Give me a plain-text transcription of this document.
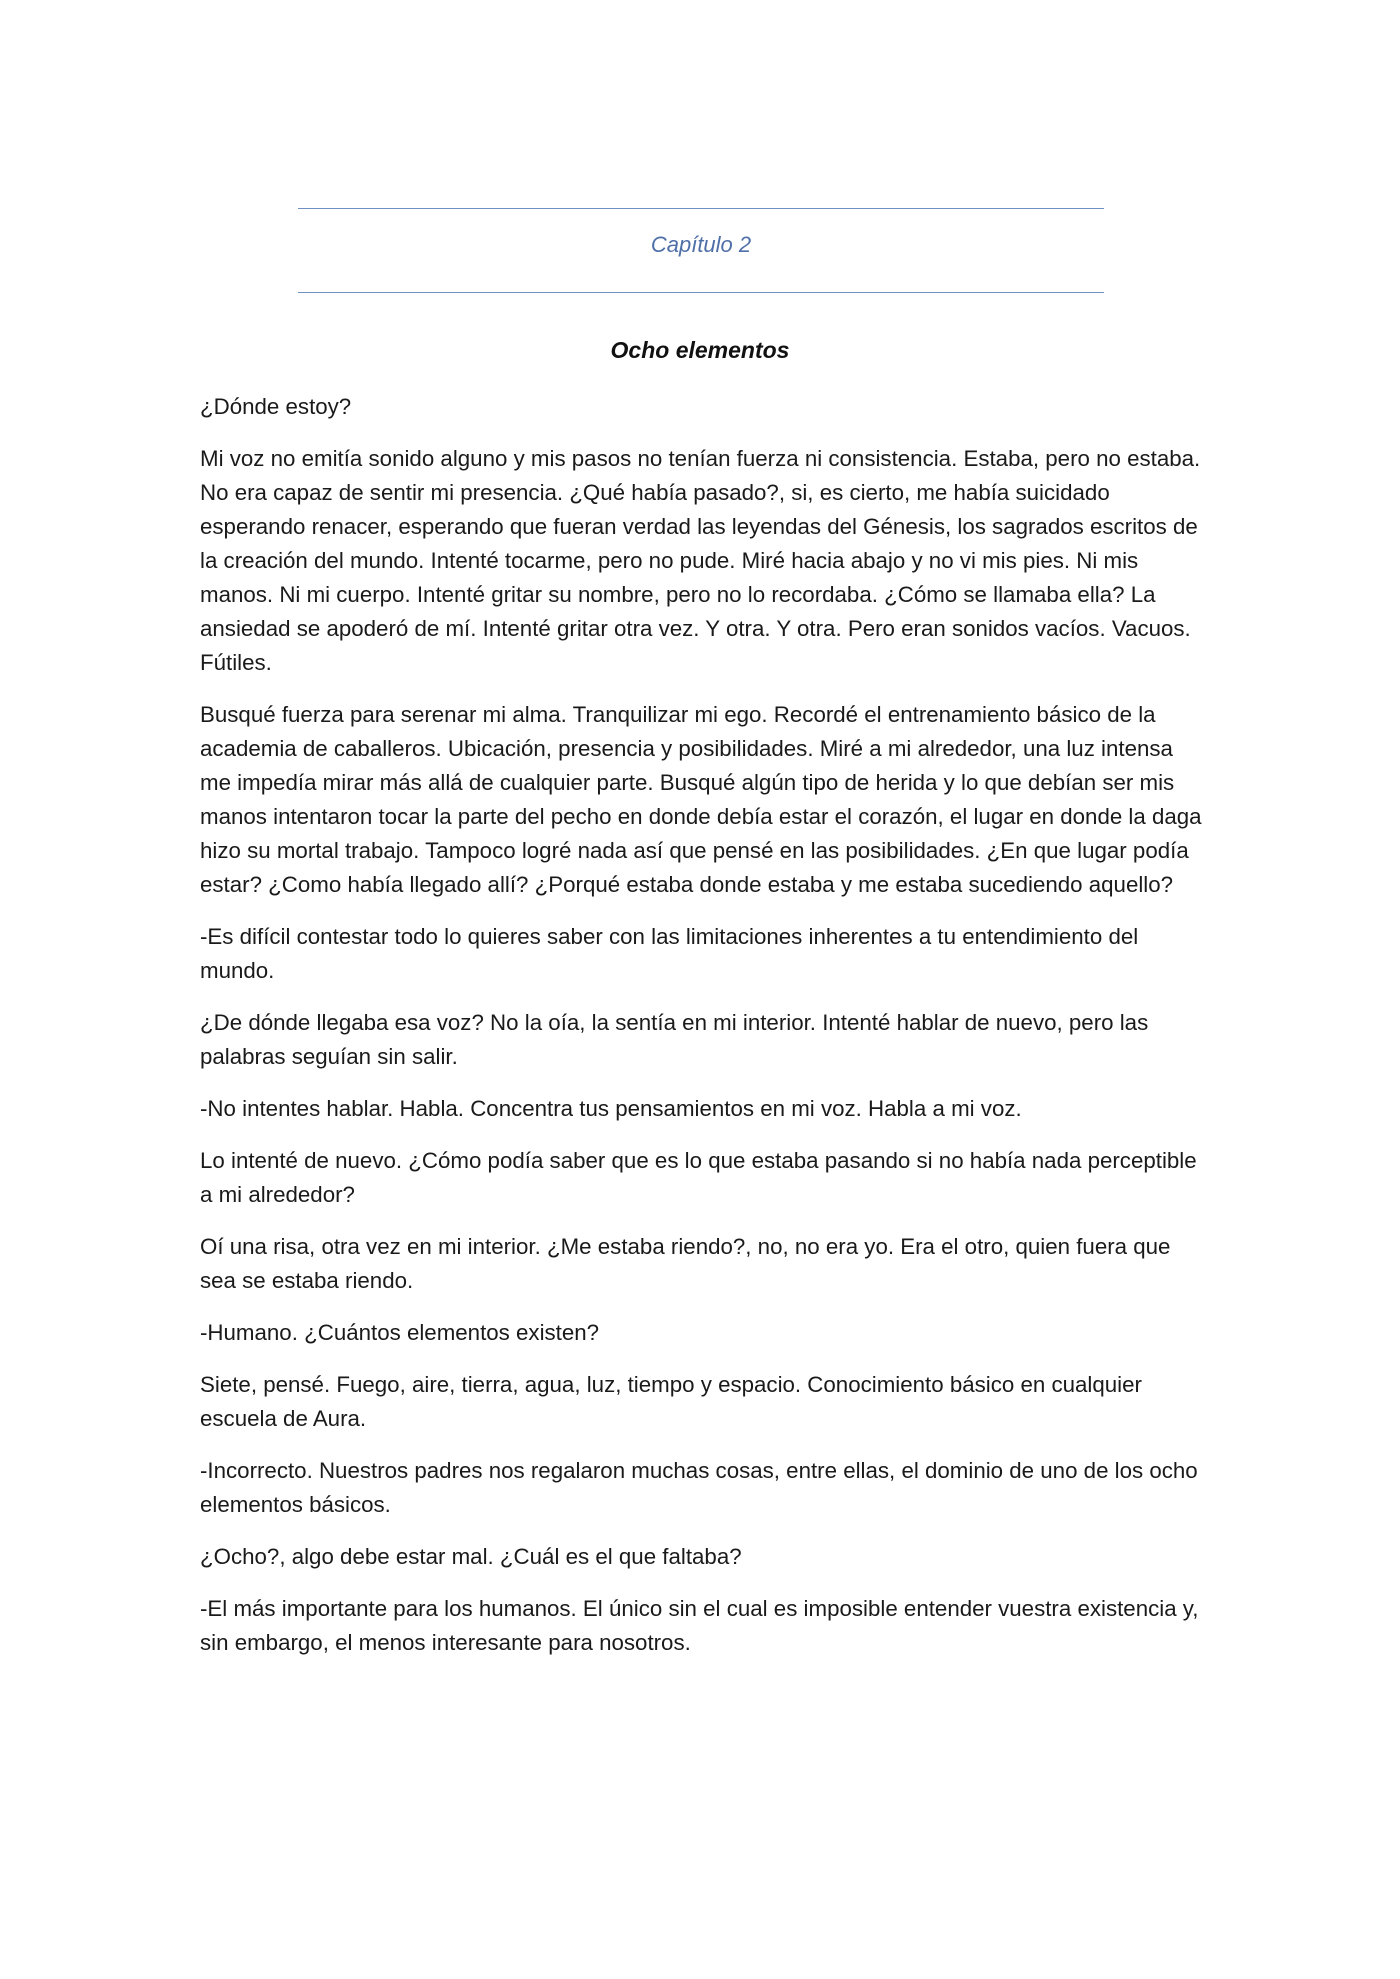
Capítulo 2
Ocho elementos

¿Dónde estoy?

Mi voz no emitía sonido alguno y mis pasos no tenían fuerza ni consistencia. Estaba, pero no estaba. No era capaz de sentir mi presencia. ¿Qué había pasado?, si, es cierto, me había suicidado esperando renacer, esperando que fueran verdad las leyendas del Génesis, los sagrados escritos de la creación del mundo. Intenté tocarme, pero no pude. Miré hacia abajo y no vi mis pies. Ni mis manos. Ni mi cuerpo. Intenté gritar su nombre, pero no lo recordaba. ¿Cómo se llamaba ella? La ansiedad se apoderó de mí. Intenté gritar otra vez. Y otra. Y otra. Pero eran sonidos vacíos. Vacuos. Fútiles.

Busqué fuerza para serenar mi alma. Tranquilizar mi ego. Recordé el entrenamiento básico de la academia de caballeros. Ubicación, presencia y posibilidades. Miré a mi alrededor, una luz intensa me impedía mirar más allá de cualquier parte. Busqué algún tipo de herida y lo que debían ser mis manos intentaron tocar la parte del pecho en donde debía estar el corazón, el lugar en donde la daga hizo su mortal trabajo. Tampoco logré nada así que pensé en las posibilidades. ¿En que lugar podía estar? ¿Como había llegado allí? ¿Porqué estaba donde estaba y me estaba sucediendo aquello?

-Es difícil contestar todo lo quieres saber con las limitaciones inherentes a tu entendimiento del mundo.

¿De dónde llegaba esa voz? No la oía, la sentía en mi interior. Intenté hablar de nuevo, pero las palabras seguían sin salir.

-No intentes hablar. Habla. Concentra tus pensamientos en mi voz. Habla a mi voz.

Lo intenté de nuevo. ¿Cómo podía saber que es lo que estaba pasando si no había nada perceptible a mi alrededor?

Oí una risa, otra vez en mi interior. ¿Me estaba riendo?, no, no era yo. Era el otro, quien fuera que sea se estaba riendo.

-Humano. ¿Cuántos elementos existen?

Siete, pensé. Fuego, aire, tierra, agua, luz, tiempo y espacio. Conocimiento básico en cualquier escuela de Aura.

-Incorrecto. Nuestros padres nos regalaron muchas cosas, entre ellas, el dominio de uno de los ocho elementos básicos.

¿Ocho?, algo debe estar mal. ¿Cuál es el que faltaba?

-El más importante para los humanos. El único sin el cual es imposible entender vuestra existencia y, sin embargo, el menos interesante para nosotros.
